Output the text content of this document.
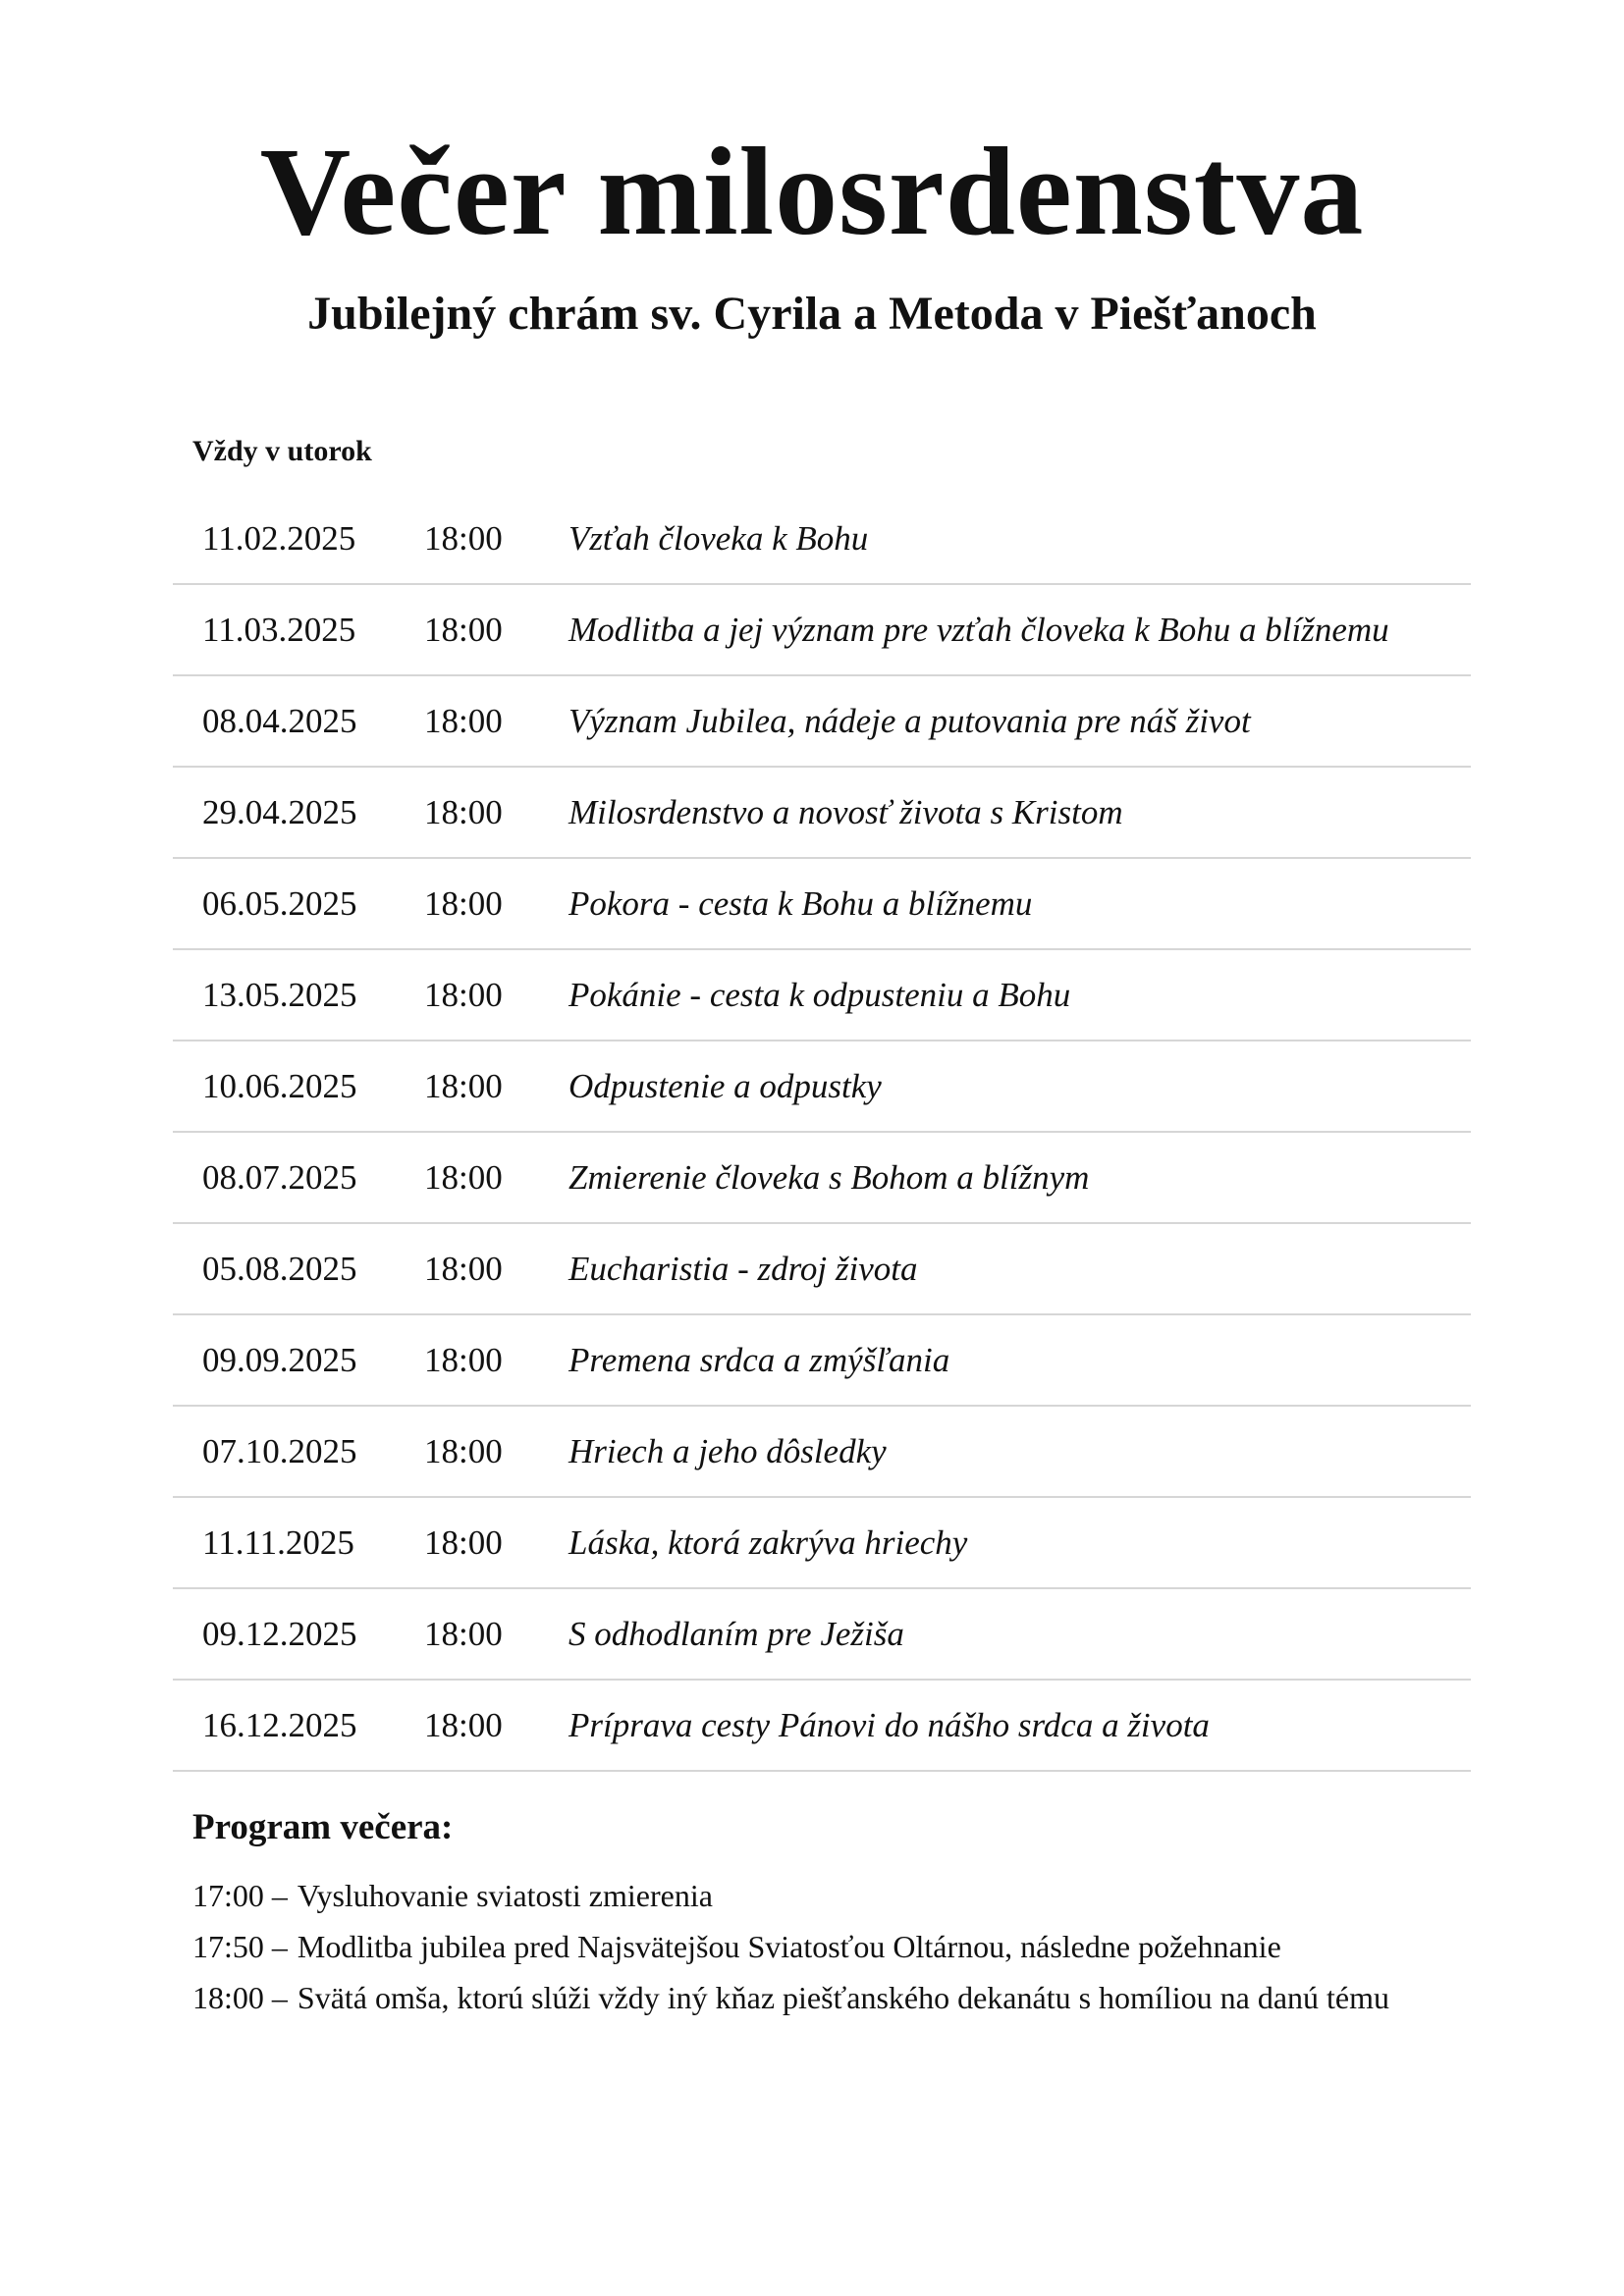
Večer milosrdenstva
Jubilejný chrám sv. Cyrila a Metoda v Piešťanoch
Vždy v utorok
11.02.2025 18:00 Vzťah človeka k Bohu
11.03.2025 18:00 Modlitba a jej význam pre vzťah človeka k Bohu a blížnemu
08.04.2025 18:00 Význam Jubilea, nádeje a putovania pre náš život
29.04.2025 18:00 Milosrdenstvo a novosť života s Kristom
06.05.2025 18:00 Pokora - cesta k Bohu a blížnemu
13.05.2025 18:00 Pokánie - cesta k odpusteniu a Bohu
10.06.2025 18:00 Odpustenie a odpustky
08.07.2025 18:00 Zmierenie človeka s Bohom a blížnym
05.08.2025 18:00 Eucharistia - zdroj života
09.09.2025 18:00 Premena srdca a zmýšľania
07.10.2025 18:00 Hriech a jeho dôsledky
11.11.2025 18:00 Láska, ktorá zakrýva hriechy
09.12.2025 18:00 S odhodlaním pre Ježiša
16.12.2025 18:00 Príprava cesty Pánovi do nášho srdca a života
Program večera:
17:00 – Vysluhovanie sviatosti zmierenia
17:50 – Modlitba jubilea pred Najsvätejšou Sviatosťou Oltárnou, následne požehnanie
18:00 – Svätá omša, ktorú slúži vždy iný kňaz piešťanského dekanátu s homíliou na danú tému
